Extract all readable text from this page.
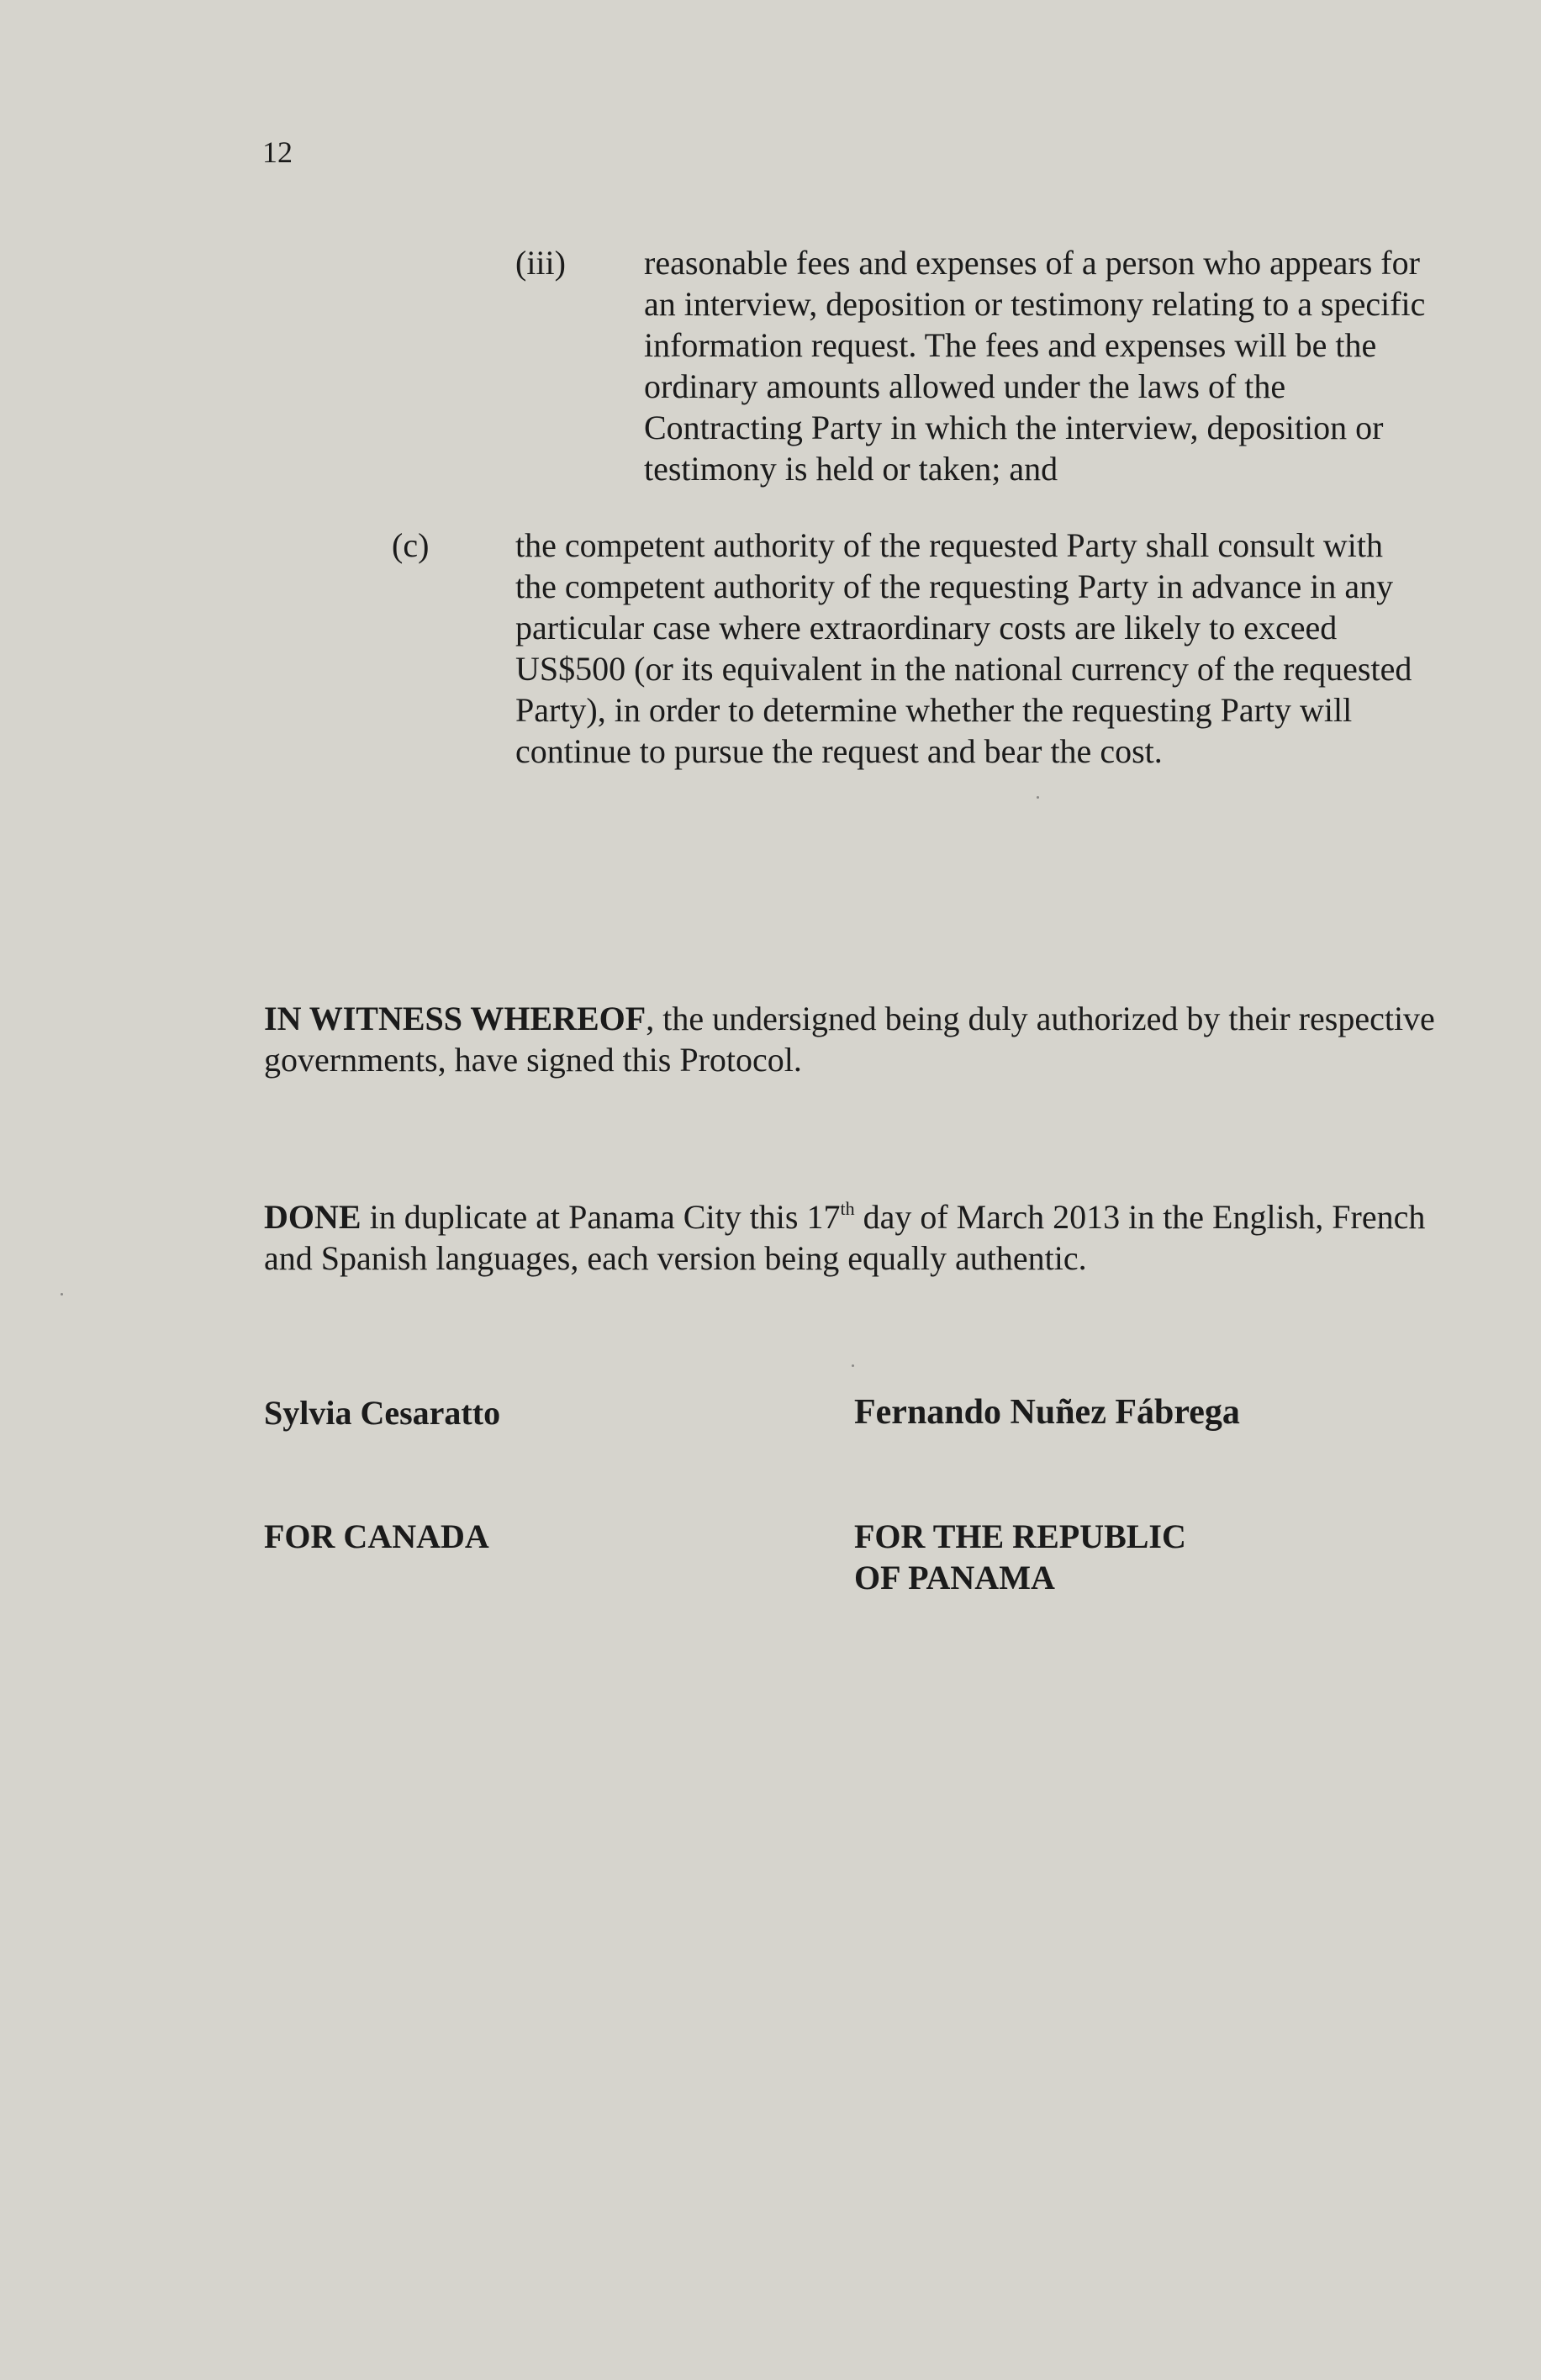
12
(iii) reasonable fees and expenses of a person who appears for an interview, deposition or testimony relating to a specific information request. The fees and expenses will be the ordinary amounts allowed under the laws of the Contracting Party in which the interview, deposition or testimony is held or taken; and

(c)	the competent authority of the requested Party shall consult with the competent authority of the requesting Party in advance in any particular case where extraordinary costs are likely to exceed US$500 (or its equivalent in the national currency of the requested Party), in order to determine whether the requesting Party will continue to pursue the request and bear the cost.

IN WITNESS WHEREOF, the undersigned being duly authorized by their respective governments, have signed this Protocol.

DONE in duplicate at Panama City this 17th day of March 2013 in the English, French and Spanish languages, each version being equally authentic.

Sylvia Cesaratto	Fernando Nuñez Fábrega
FOR CANADA	FOR THE REPUBLIC
OF PANAMA
